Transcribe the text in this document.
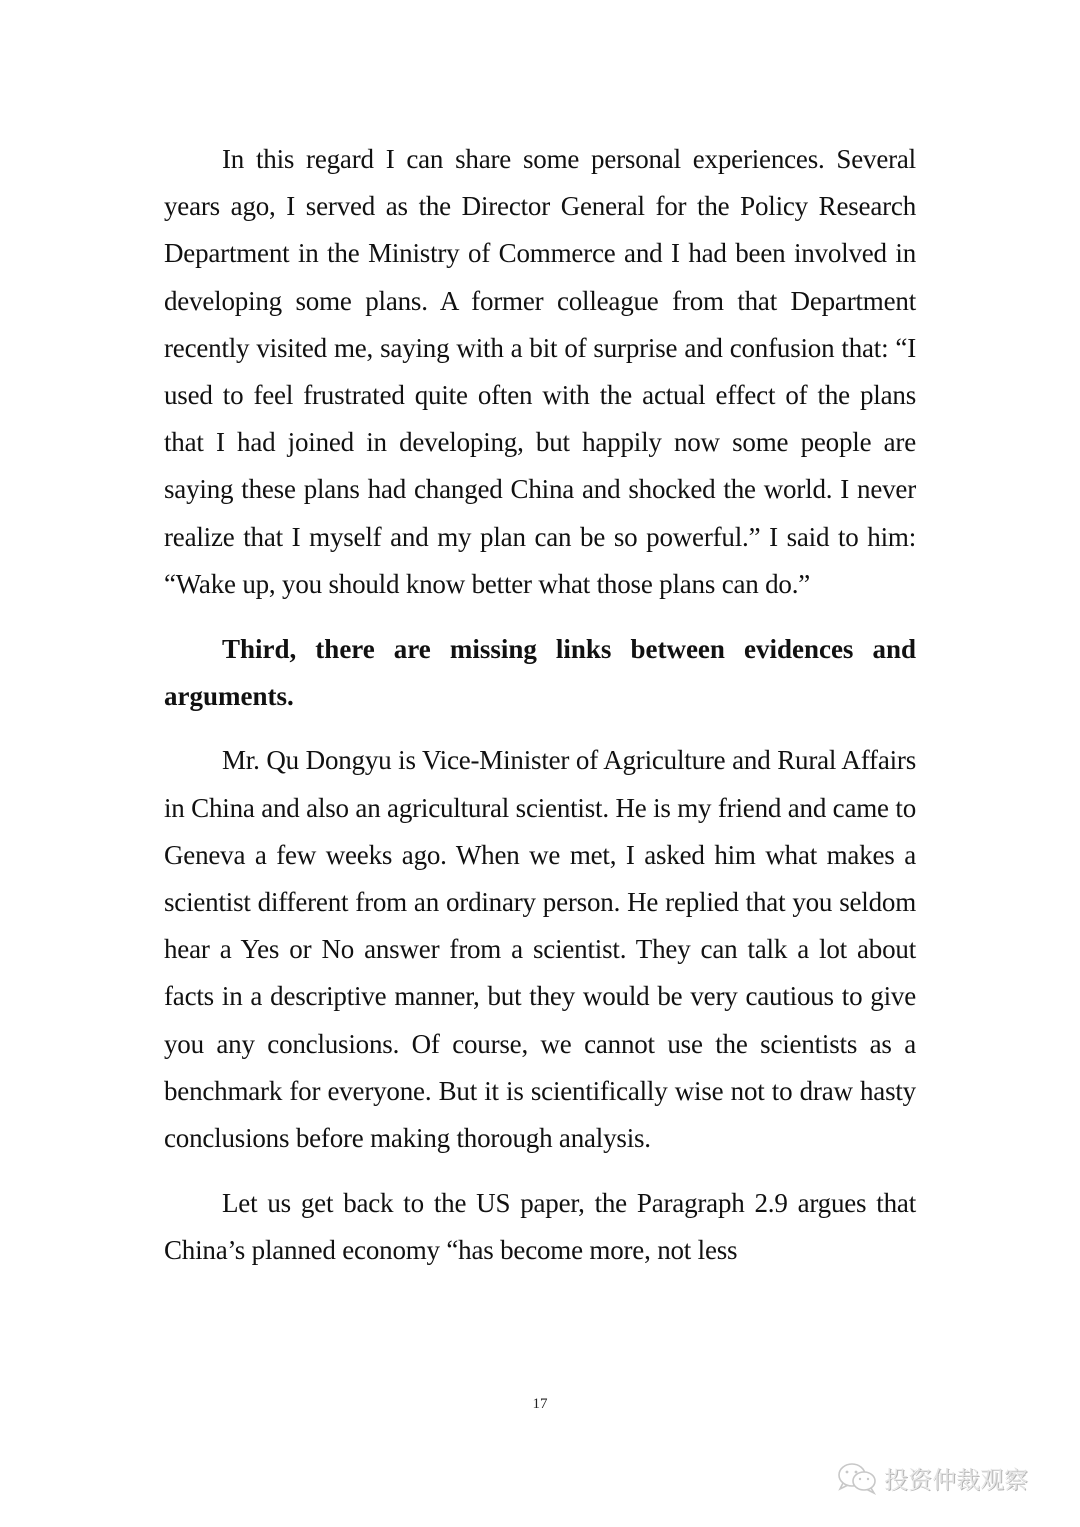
In this regard I can share some personal experiences. Several years ago, I served as the Director General for the Policy Research Department in the Ministry of Commerce and I had been involved in developing some plans. A former colleague from that Department recently visited me, saying with a bit of surprise and confusion that: “I used to feel frustrated quite often with the actual effect of the plans that I had joined in developing, but happily now some people are saying these plans had changed China and shocked the world. I never realize that I myself and my plan can be so powerful.” I said to him: “Wake up, you should know better what those plans can do.”

Third, there are missing links between evidences and arguments.

Mr. Qu Dongyu is Vice-Minister of Agriculture and Rural Affairs in China and also an agricultural scientist. He is my friend and came to Geneva a few weeks ago. When we met, I asked him what makes a scientist different from an ordinary person. He replied that you seldom hear a Yes or No answer from a scientist. They can talk a lot about facts in a descriptive manner, but they would be very cautious to give you any conclusions. Of course, we cannot use the scientists as a benchmark for everyone. But it is scientifically wise not to draw hasty conclusions before making thorough analysis.

Let us get back to the US paper, the Paragraph 2.9 argues that China’s planned economy “has become more, not less

17
投资仲裁观察
